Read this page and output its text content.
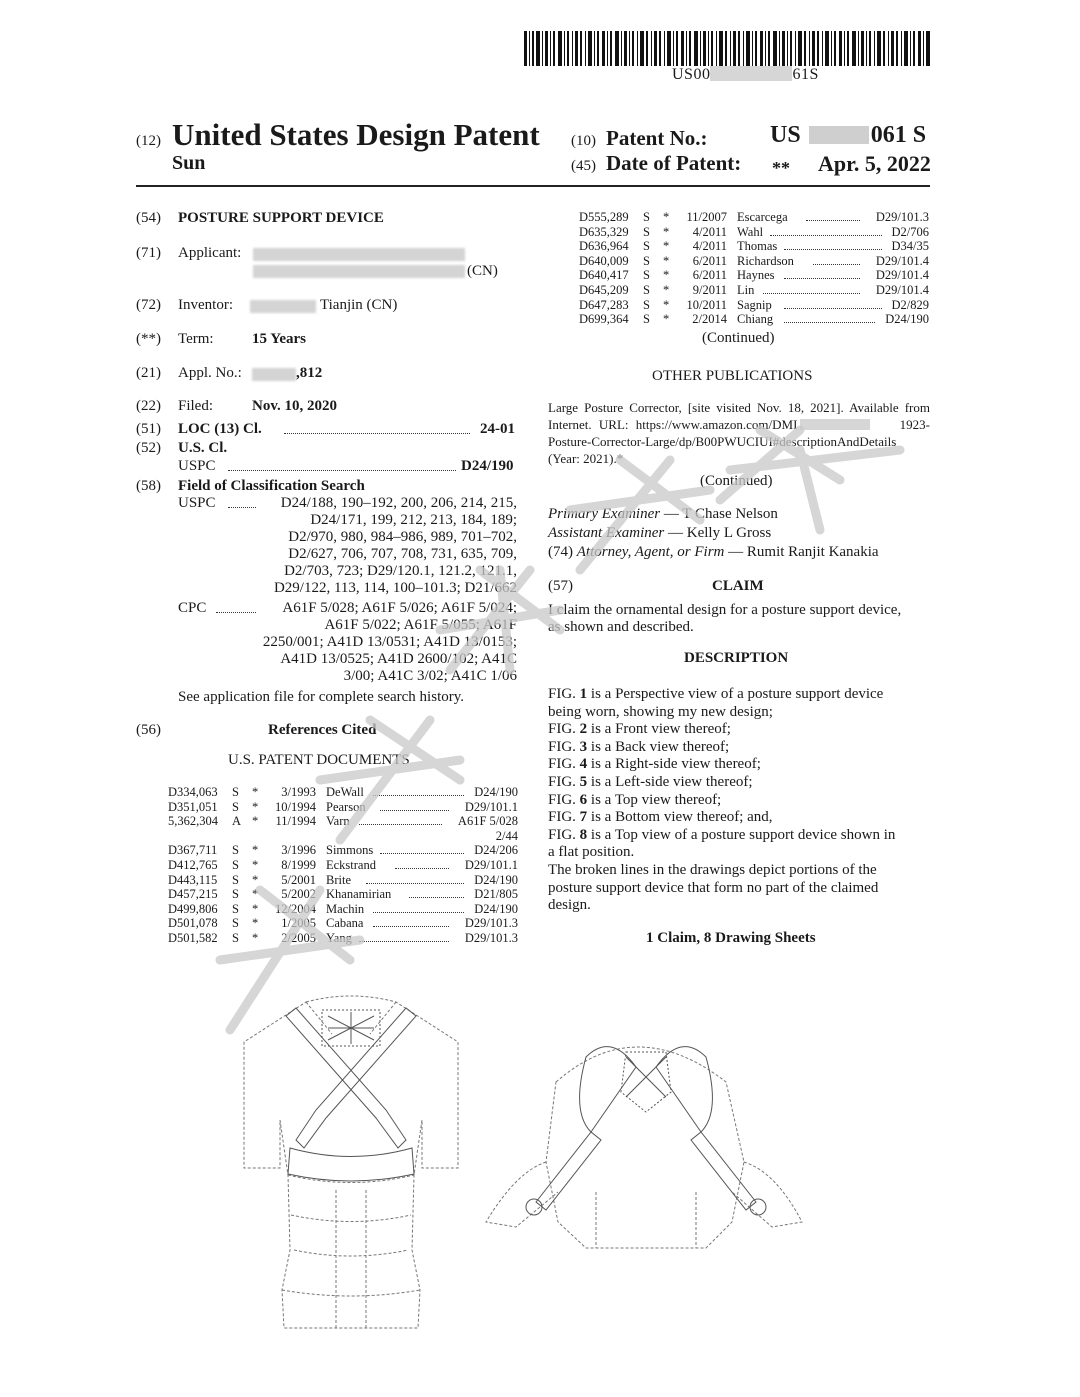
US00	61S
(12) United States Design Patent
Sun
(10) Patent No.:	US	061 S
(45) Date of Patent: ** Apr. 5, 2022
(54) POSTURE SUPPORT DEVICE
(71) Applicant:
(CN)
(72) Inventor:	Tianjin (CN)
(**) Term:	15 Years
(21) Appl. No.:	,812
(22) Filed:	Nov. 10, 2020
(51) LOC (13) Cl.	24-01
(52) U.S. Cl.
USPC	D24/190
(58) Field of Classification Search
USPC	D24/188, 190–192, 200, 206, 214, 215,
D24/171, 199, 212, 213, 184, 189;
D2/970, 980, 984–986, 989, 701–702,
D2/627, 706, 707, 708, 731, 635, 709,
D2/703, 723; D29/120.1, 121.2, 121.1,
D29/122, 113, 114, 100–101.3; D21/662
CPC	A61F 5/028; A61F 5/026; A61F 5/024;
A61F 5/022; A61F 5/055; A61F
2250/001; A41D 13/0531; A41D 13/0153;
A41D 13/0525; A41D 2600/102; A41C
3/00; A41C 3/02; A41C 1/06
See application file for complete search history.
(56)	References Cited
U.S. PATENT DOCUMENTS
D334,063	S *	3/1993 DeWall	D24/190
D351,051	S *	10/1994 Pearson	D29/101.1
5,362,304	A *	11/1994 Varn	A61F 5/028
2/44
D367,711	S *	3/1996 Simmons	D24/206
D412,765	S *	8/1999 Eckstrand	D29/101.1
D443,115	S *	5/2001 Brite	D24/190
D457,215	S *	5/2002 Khanamirian	D21/805
D499,806	S *	12/2004 Machin	D24/190
D501,078	S *	1/2005 Cabana	D29/101.3
D501,582	S *	2/2005 Yang	D29/101.3
D555,289	S *	11/2007 Escarcega	D29/101.3
D635,329	S *	4/2011 Wahl	D2/706
D636,964	S *	4/2011 Thomas	D34/35
D640,009	S *	6/2011 Richardson	D29/101.4
D640,417	S *	6/2011 Haynes	D29/101.4
D645,209	S *	9/2011 Lin	D29/101.4
D647,283	S *	10/2011 Sagnip	D2/829
D699,364	S *	2/2014 Chiang	D24/190
(Continued)
OTHER PUBLICATIONS
Large Posture Corrector, [site visited Nov. 18, 2021]. Available from
Internet. URL: https://www.amazon.com/DMI	1923-
Posture-Corrector-Large/dp/B00PWUCIUI#descriptionAndDetails
(Year: 2021).*
(Continued)
Primary Examiner — T Chase Nelson
Assistant Examiner — Kelly L Gross
(74) Attorney, Agent, or Firm — Rumit Ranjit Kanakia
(57)	CLAIM
I claim the ornamental design for a posture support device,
as shown and described.
DESCRIPTION
FIG. 1 is a Perspective view of a posture support device
being worn, showing my new design;
FIG. 2 is a Front view thereof;
FIG. 3 is a Back view thereof;
FIG. 4 is a Right-side view thereof;
FIG. 5 is a Left-side view thereof;
FIG. 6 is a Top view thereof;
FIG. 7 is a Bottom view thereof; and,
FIG. 8 is a Top view of a posture support device shown in
a flat position.
The broken lines in the drawings depict portions of the
posture support device that form no part of the claimed
design.
1 Claim, 8 Drawing Sheets
